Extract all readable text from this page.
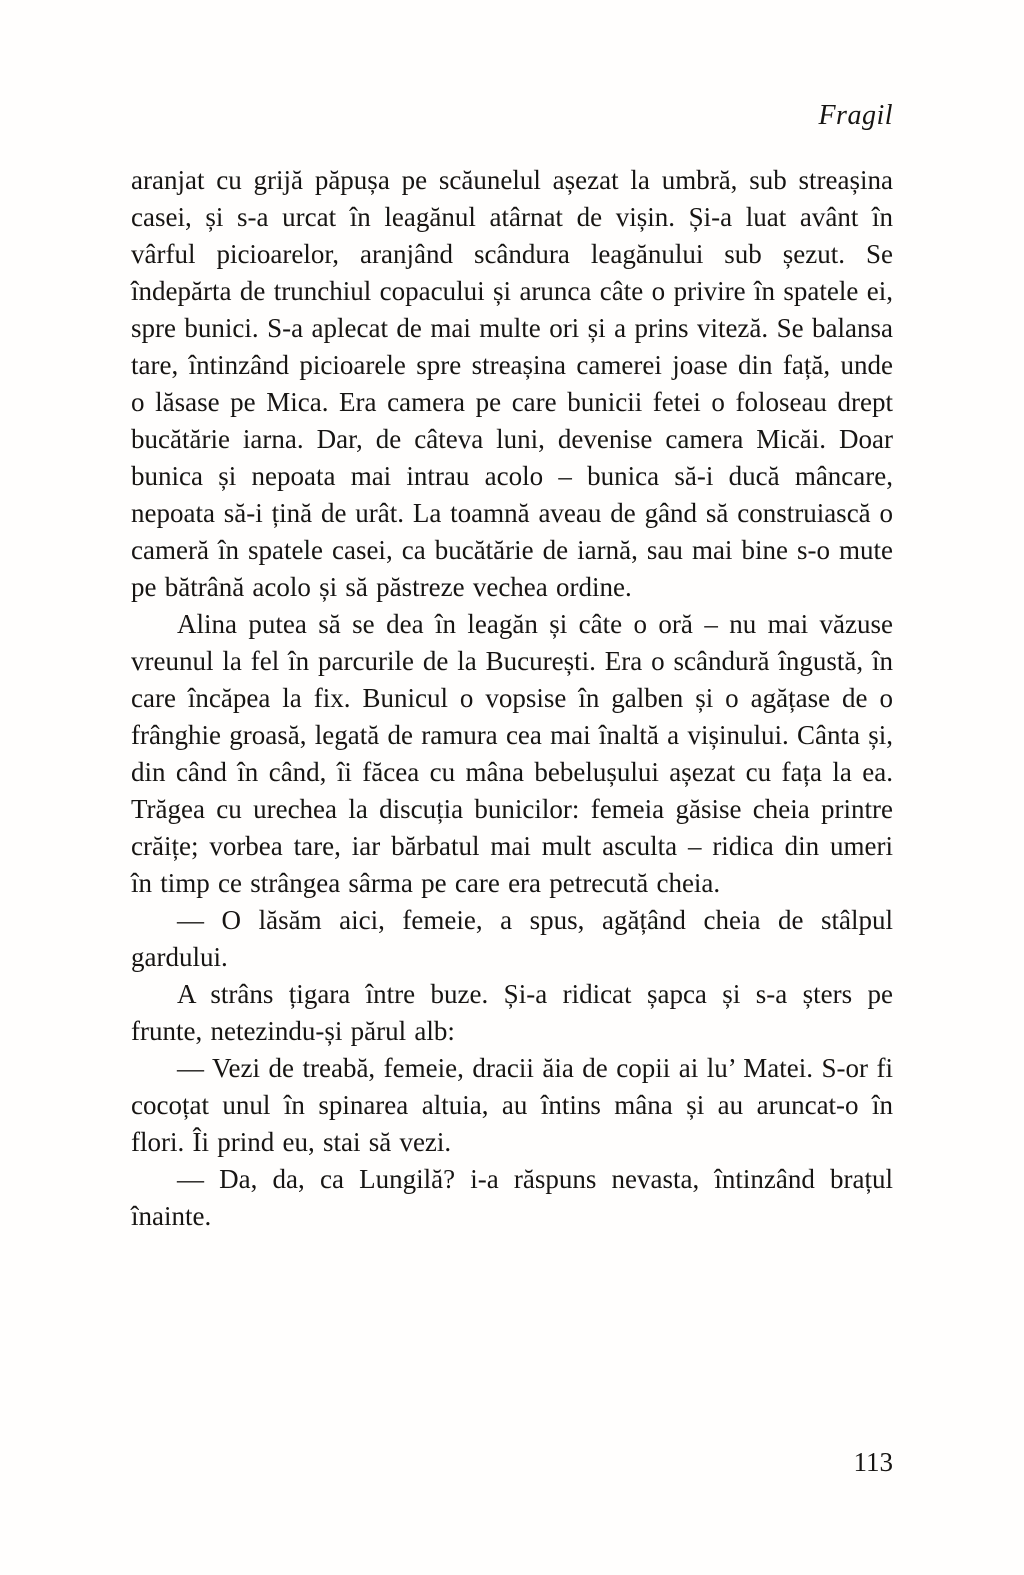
Fragil

aranjat cu grijă păpușa pe scăunelul așezat la umbră, sub streașina casei, și s-a urcat în leagănul atârnat de vișin. Și-a luat avânt în vârful picioarelor, aranjând scândura leagănului sub șezut. Se îndepărta de trunchiul copacului și arunca câte o privire în spatele ei, spre bunici. S-a aplecat de mai multe ori și a prins viteză. Se balansa tare, întinzând picioarele spre streașina camerei joase din față, unde o lăsase pe Mica. Era camera pe care bunicii fetei o foloseau drept bucătărie iarna. Dar, de câteva luni, devenise camera Micăi. Doar bunica și nepoata mai intrau acolo – bunica să-i ducă mâncare, nepoata să-i țină de urât. La toamnă aveau de gând să construiască o cameră în spatele casei, ca bucătărie de iarnă, sau mai bine s-o mute pe bătrână acolo și să păstreze vechea ordine.

Alina putea să se dea în leagăn și câte o oră – nu mai văzuse vreunul la fel în parcurile de la București. Era o scândură îngustă, în care încăpea la fix. Bunicul o vopsise în galben și o agățase de o frânghie groasă, legată de ramura cea mai înaltă a vișinului. Cânta și, din când în când, îi făcea cu mâna bebelușului așezat cu fața la ea. Trăgea cu urechea la discuția bunicilor: femeia găsise cheia printre crăițe; vorbea tare, iar bărbatul mai mult asculta – ridica din umeri în timp ce strângea sârma pe care era petrecută cheia.

— O lăsăm aici, femeie, a spus, agățând cheia de stâlpul gardului.

A strâns țigara între buze. Și-a ridicat șapca și s-a șters pe frunte, netezindu-și părul alb:

— Vezi de treabă, femeie, dracii ăia de copii ai lu’ Matei. S-or fi cocoțat unul în spinarea altuia, au întins mâna și au aruncat-o în flori. Îi prind eu, stai să vezi.

— Da, da, ca Lungilă? i-a răspuns nevasta, întinzând brațul înainte.

113
